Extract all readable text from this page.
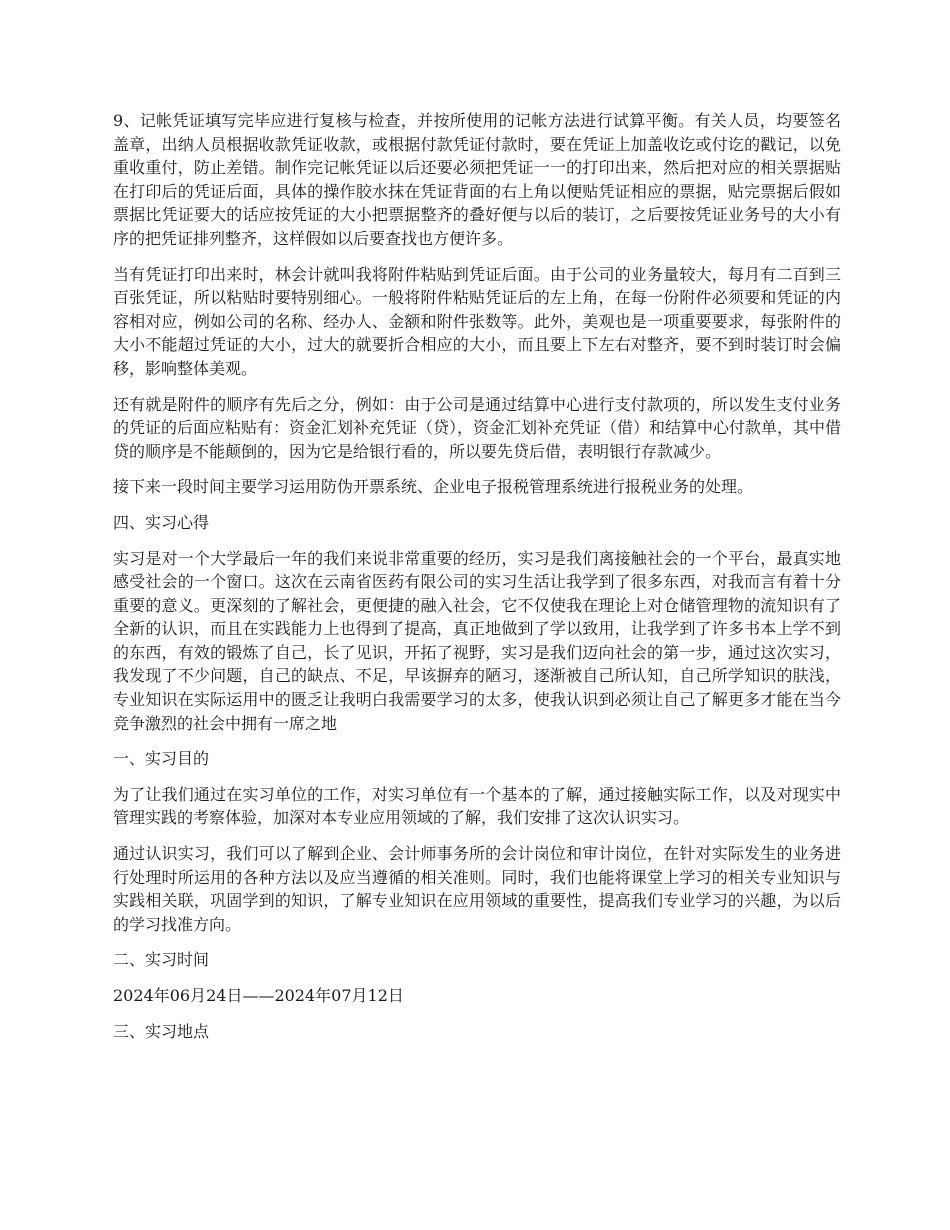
9、记帐凭证填写完毕应进行复核与检查，并按所使用的记帐方法进行试算平衡。有关人员，均要签名盖章，出纳人员根据收款凭证收款，或根据付款凭证付款时，要在凭证上加盖收讫或付讫的戳记，以免重收重付，防止差错。制作完记帐凭证以后还要必须把凭证一一的打印出来，然后把对应的相关票据贴在打印后的凭证后面，具体的操作胶水抹在凭证背面的右上角以便贴凭证相应的票据，贴完票据后假如票据比凭证要大的话应按凭证的大小把票据整齐的叠好便与以后的装订，之后要按凭证业务号的大小有序的把凭证排列整齐，这样假如以后要查找也方便许多。

当有凭证打印出来时，林会计就叫我将附件粘贴到凭证后面。由于公司的业务量较大，每月有二百到三百张凭证，所以粘贴时要特别细心。一般将附件粘贴凭证后的左上角，在每一份附件必须要和凭证的内容相对应，例如公司的名称、经办人、金额和附件张数等。此外，美观也是一项重要要求，每张附件的大小不能超过凭证的大小，过大的就要折合相应的大小，而且要上下左右对整齐，要不到时装订时会偏移，影响整体美观。

还有就是附件的顺序有先后之分，例如：由于公司是通过结算中心进行支付款项的，所以发生支付业务的凭证的后面应粘贴有：资金汇划补充凭证（贷），资金汇划补充凭证（借）和结算中心付款单，其中借贷的顺序是不能颠倒的，因为它是给银行看的，所以要先贷后借，表明银行存款减少。

接下来一段时间主要学习运用防伪开票系统、企业电子报税管理系统进行报税业务的处理。

四、实习心得

实习是对一个大学最后一年的我们来说非常重要的经历，实习是我们离接触社会的一个平台，最真实地感受社会的一个窗口。这次在云南省医药有限公司的实习生活让我学到了很多东西，对我而言有着十分重要的意义。更深刻的了解社会，更便捷的融入社会，它不仅使我在理论上对仓储管理物的流知识有了全新的认识，而且在实践能力上也得到了提高，真正地做到了学以致用，让我学到了许多书本上学不到的东西，有效的锻炼了自己，长了见识，开拓了视野，实习是我们迈向社会的第一步，通过这次实习，我发现了不少问题，自己的缺点、不足，早该摒弃的陋习，逐渐被自己所认知，自己所学知识的肤浅，专业知识在实际运用中的匮乏让我明白我需要学习的太多，使我认识到必须让自己了解更多才能在当今竞争激烈的社会中拥有一席之地

一、实习目的

为了让我们通过在实习单位的工作，对实习单位有一个基本的了解，通过接触实际工作，以及对现实中管理实践的考察体验，加深对本专业应用领域的了解，我们安排了这次认识实习。

通过认识实习，我们可以了解到企业、会计师事务所的会计岗位和审计岗位，在针对实际发生的业务进行处理时所运用的各种方法以及应当遵循的相关准则。同时，我们也能将课堂上学习的相关专业知识与实践相关联，巩固学到的知识，了解专业知识在应用领域的重要性，提高我们专业学习的兴趣，为以后的学习找准方向。

二、实习时间

2024年06月24日——2024年07月12日

三、实习地点
